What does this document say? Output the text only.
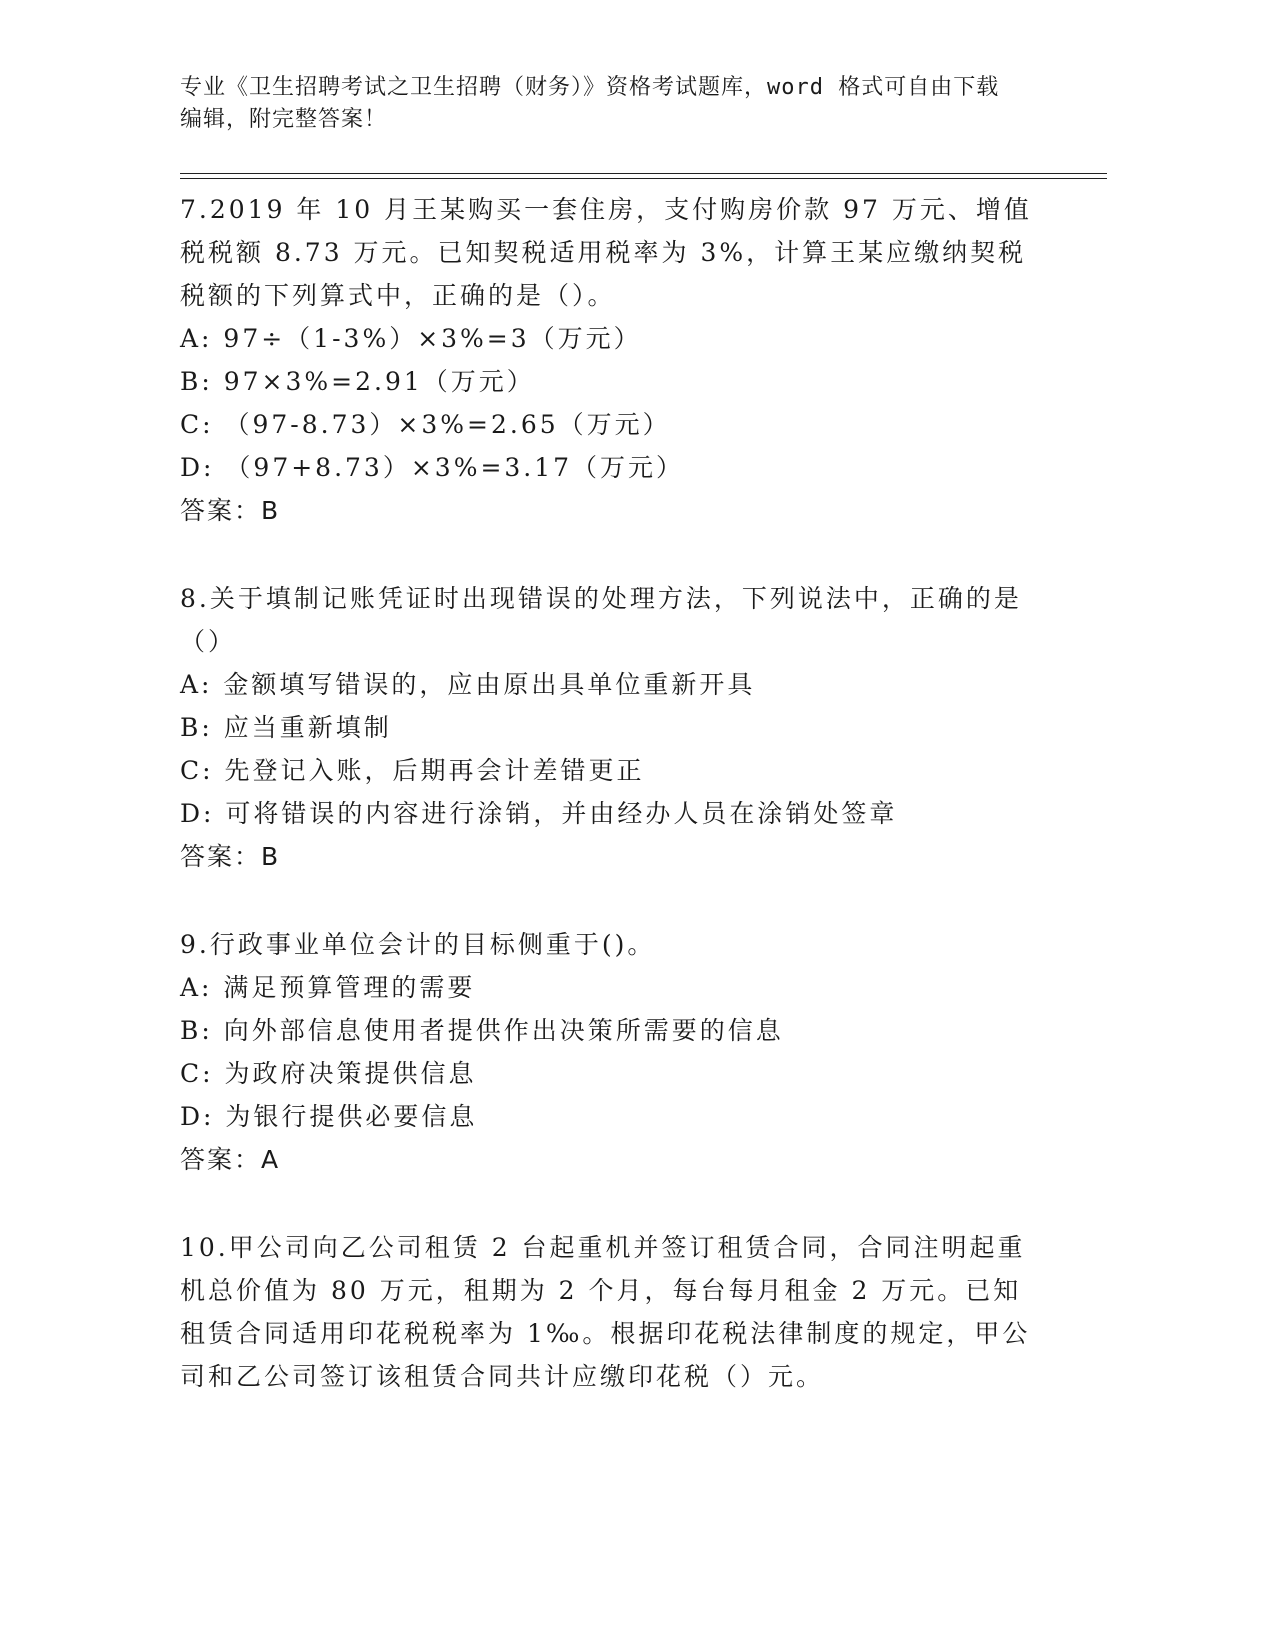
专业《卫生招聘考试之卫生招聘（财务）》资格考试题库，word 格式可自由下载
编辑，附完整答案！

7.2019 年 10 月王某购买一套住房，支付购房价款 97 万元、增值税税额 8.73 万元。已知契税适用税率为 3%，计算王某应缴纳契税税额的下列算式中，正确的是（）。

A: 97÷（1-3%）×3%=3（万元）
B: 97×3%=2.91（万元）
C: （97-8.73）×3%=2.65（万元）
D: （97+8.73）×3%=3.17（万元）

答案：B

8.关于填制记账凭证时出现错误的处理方法，下列说法中，正确的是（）

A: 金额填写错误的，应由原出具单位重新开具
B: 应当重新填制
C: 先登记入账，后期再会计差错更正
D: 可将错误的内容进行涂销，并由经办人员在涂销处签章

答案：B

9.行政事业单位会计的目标侧重于()。

A: 满足预算管理的需要
B: 向外部信息使用者提供作出决策所需要的信息
C: 为政府决策提供信息
D: 为银行提供必要信息

答案：A

10.甲公司向乙公司租赁 2 台起重机并签订租赁合同，合同注明起重机总价值为 80 万元，租期为 2 个月，每台每月租金 2 万元。已知租赁合同适用印花税税率为 1‰。根据印花税法律制度的规定，甲公司和乙公司签订该租赁合同共计应缴印花税（）元。
